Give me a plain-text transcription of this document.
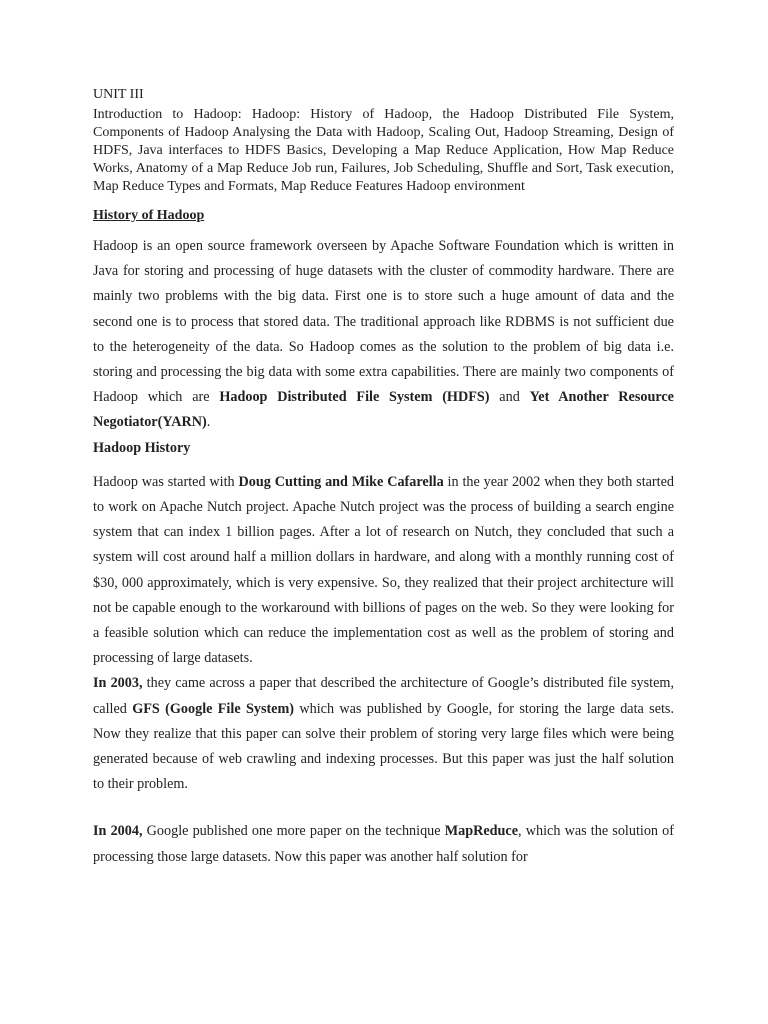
UNIT III

Introduction to Hadoop: Hadoop: History of Hadoop, the Hadoop Distributed File System, Components of Hadoop Analysing the Data with Hadoop, Scaling Out, Hadoop Streaming, Design of HDFS, Java interfaces to HDFS Basics, Developing a Map Reduce Application, How Map Reduce Works, Anatomy of a Map Reduce Job run, Failures, Job Scheduling, Shuffle and Sort, Task execution, Map Reduce Types and Formats, Map Reduce Features Hadoop environment

History of Hadoop

Hadoop is an open source framework overseen by Apache Software Foundation which is written in Java for storing and processing of huge datasets with the cluster of commodity hardware. There are mainly two problems with the big data. First one is to store such a huge amount of data and the second one is to process that stored data. The traditional approach like RDBMS is not sufficient due to the heterogeneity of the data. So Hadoop comes as the solution to the problem of big data i.e. storing and processing the big data with some extra capabilities. There are mainly two components of Hadoop which are Hadoop Distributed File System (HDFS) and Yet Another Resource Negotiator(YARN).

Hadoop History

Hadoop was started with Doug Cutting and Mike Cafarella in the year 2002 when they both started to work on Apache Nutch project. Apache Nutch project was the process of building a search engine system that can index 1 billion pages. After a lot of research on Nutch, they concluded that such a system will cost around half a million dollars in hardware, and along with a monthly running cost of $30, 000 approximately, which is very expensive. So, they realized that their project architecture will not be capable enough to the workaround with billions of pages on the web. So they were looking for a feasible solution which can reduce the implementation cost as well as the problem of storing and processing of large datasets.

In 2003, they came across a paper that described the architecture of Google’s distributed file system, called GFS (Google File System) which was published by Google, for storing the large data sets. Now they realize that this paper can solve their problem of storing very large files which were being generated because of web crawling and indexing processes. But this paper was just the half solution to their problem.

In 2004, Google published one more paper on the technique MapReduce, which was the solution of processing those large datasets. Now this paper was another half solution for
